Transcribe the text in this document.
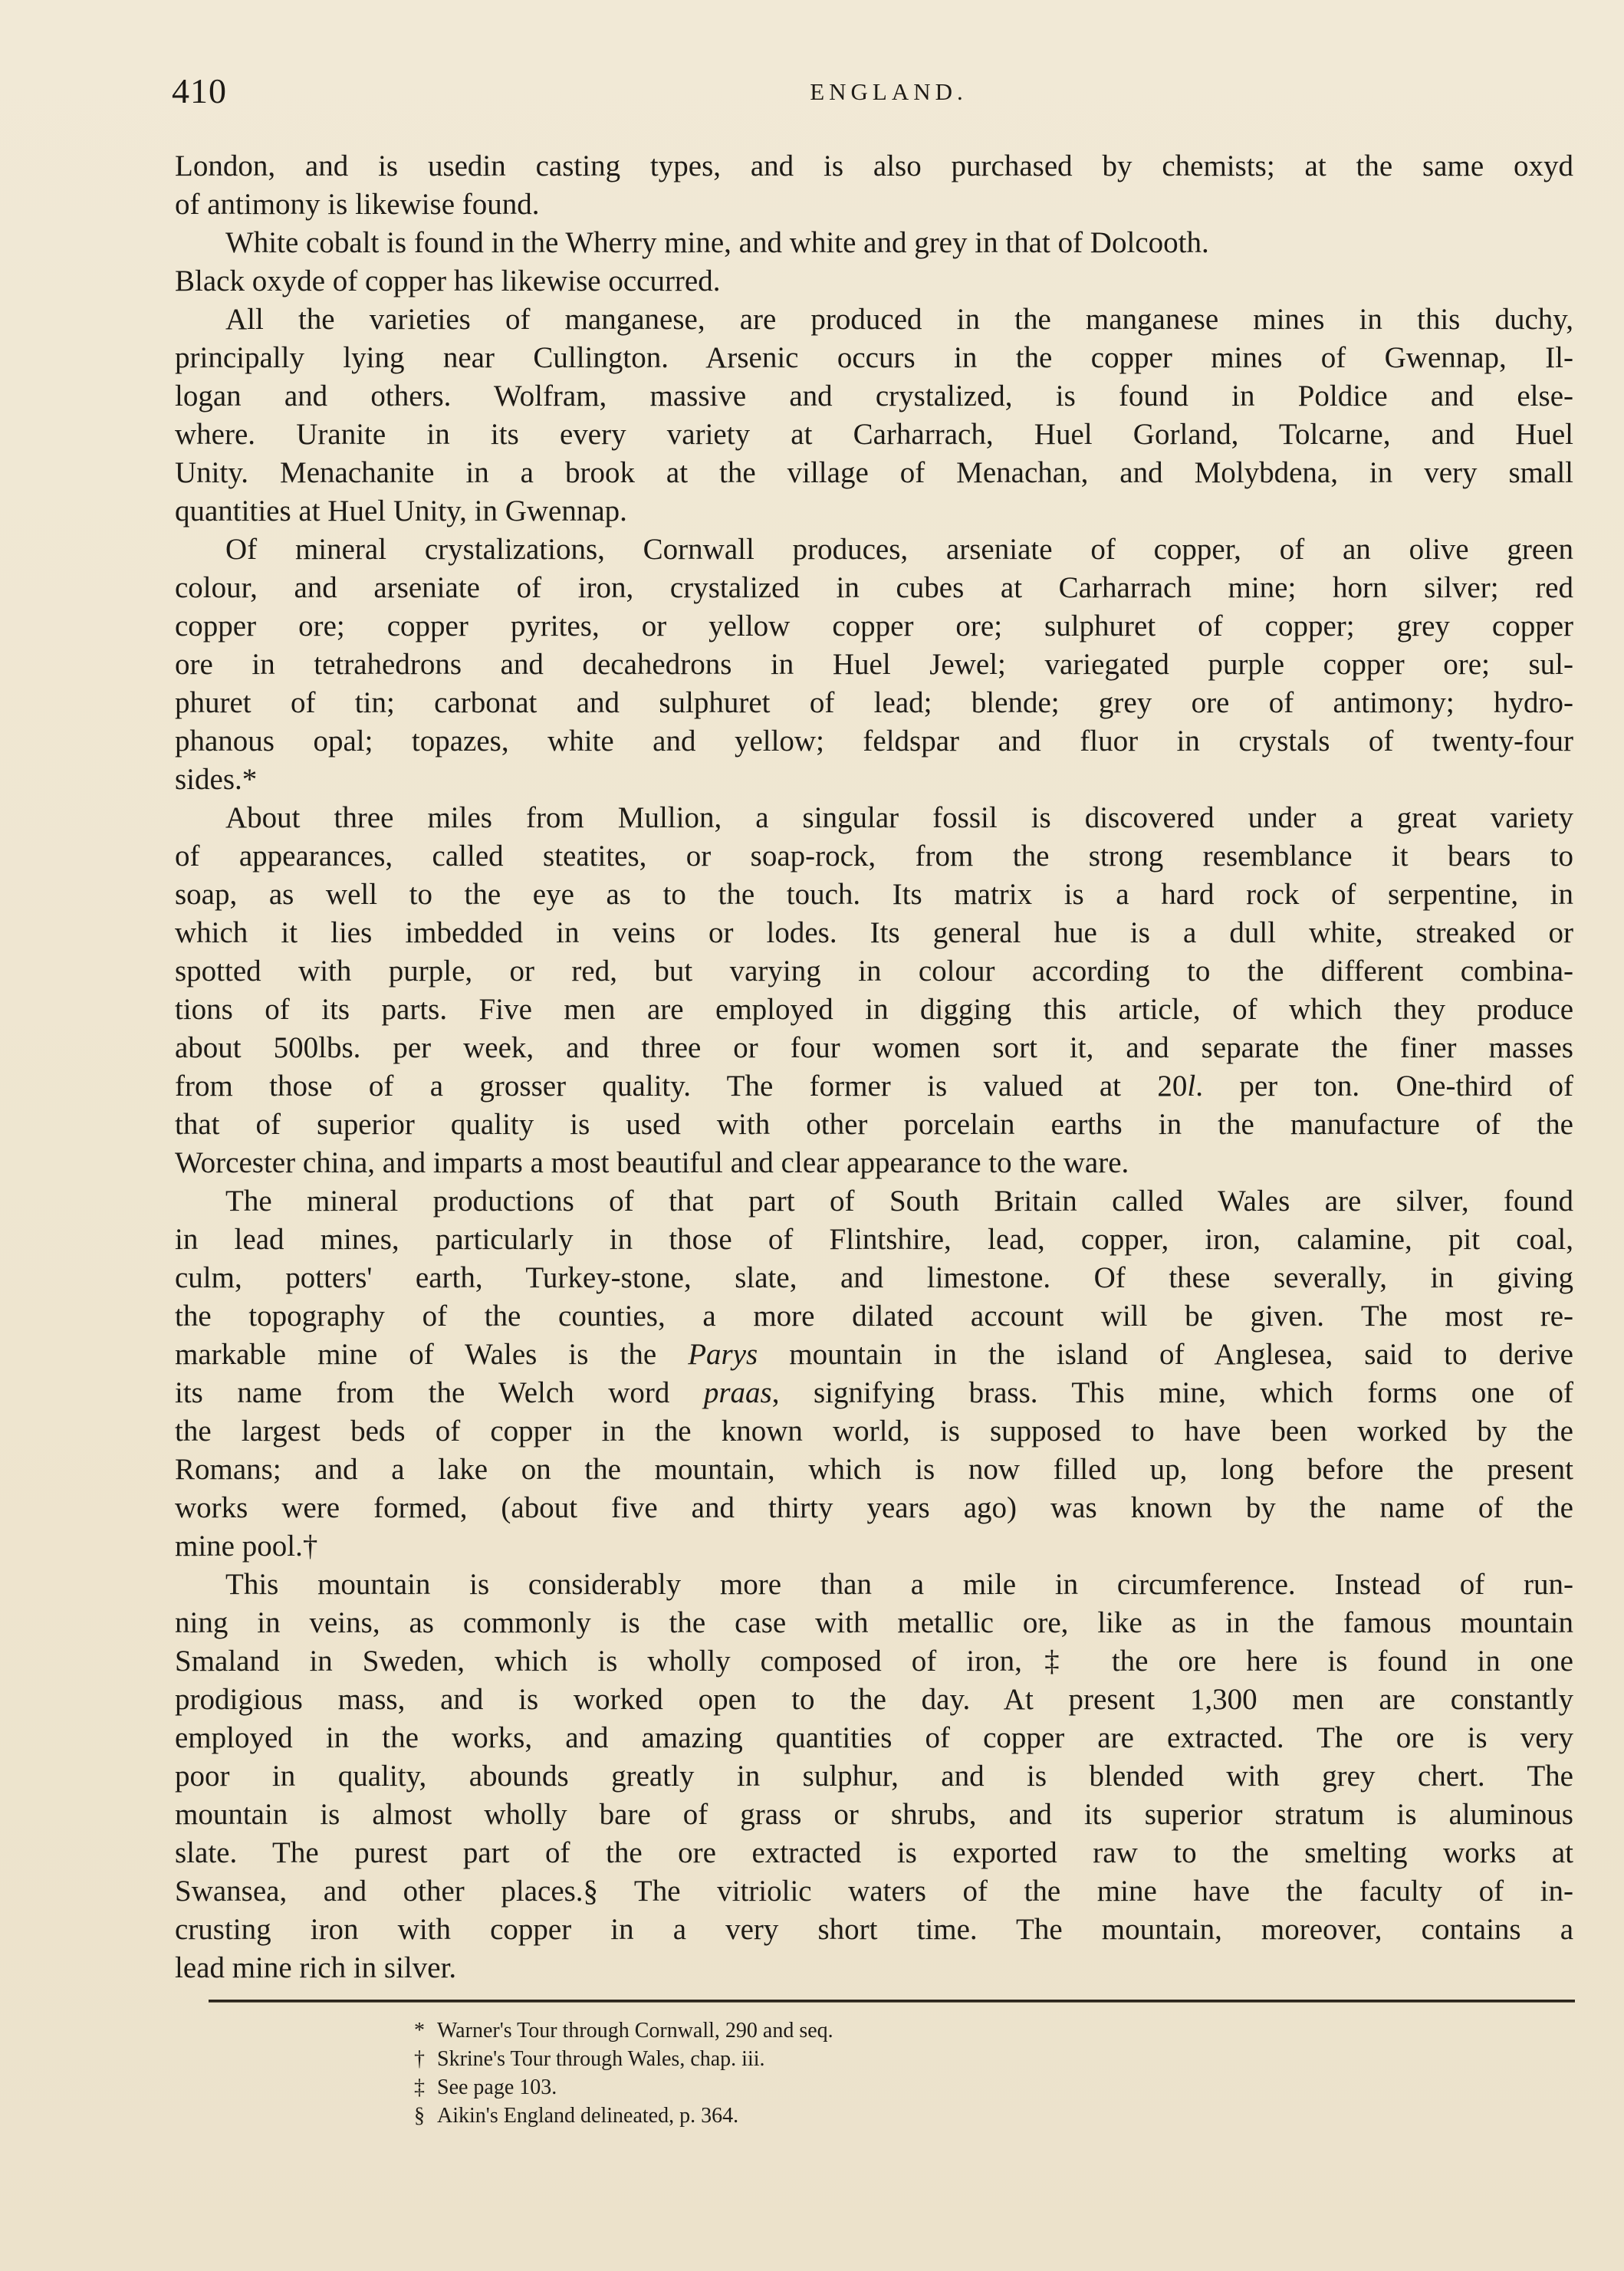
410	ENGLAND.
London, and is usedin casting types, and is also purchased by chemists; at the same oxyd
of antimony is likewise found.
White cobalt is found in the Wherry mine, and white and grey in that of Dolcooth.
Black oxyde of copper has likewise occurred.
All the varieties of manganese, are produced in the manganese mines in this duchy,
principally lying near Cullington. Arsenic occurs in the copper mines of Gwennap, Il-
logan and others. Wolfram, massive and crystalized, is found in Poldice and else-
where. Uranite in its every variety at Carharrach, Huel Gorland, Tolcarne, and Huel
Unity. Menachanite in a brook at the village of Menachan, and Molybdena, in very small
quantities at Huel Unity, in Gwennap.
Of mineral crystalizations, Cornwall produces, arseniate of copper, of an olive green
colour, and arseniate of iron, crystalized in cubes at Carharrach mine; horn silver; red
copper ore; copper pyrites, or yellow copper ore; sulphuret of copper; grey copper
ore in tetrahedrons and decahedrons in Huel Jewel; variegated purple copper ore; sul-
phuret of tin; carbonat and sulphuret of lead; blende; grey ore of antimony; hydro-
phanous opal; topazes, white and yellow; feldspar and fluor in crystals of twenty-four
sides.*
About three miles from Mullion, a singular fossil is discovered under a great variety
of appearances, called steatites, or soap-rock, from the strong resemblance it bears to
soap, as well to the eye as to the touch. Its matrix is a hard rock of serpentine, in
which it lies imbedded in veins or lodes. Its general hue is a dull white, streaked or
spotted with purple, or red, but varying in colour according to the different combina-
tions of its parts. Five men are employed in digging this article, of which they produce
about 500lbs. per week, and three or four women sort it, and separate the finer masses
from those of a grosser quality. The former is valued at 20l. per ton. One-third of
that of superior quality is used with other porcelain earths in the manufacture of the
Worcester china, and imparts a most beautiful and clear appearance to the ware.
The mineral productions of that part of South Britain called Wales are silver, found
in lead mines, particularly in those of Flintshire, lead, copper, iron, calamine, pit coal,
culm, potters' earth, Turkey-stone, slate, and limestone. Of these severally, in giving
the topography of the counties, a more dilated account will be given. The most re-
markable mine of Wales is the Parys mountain in the island of Anglesea, said to derive
its name from the Welch word praas, signifying brass. This mine, which forms one of
the largest beds of copper in the known world, is supposed to have been worked by the
Romans; and a lake on the mountain, which is now filled up, long before the present
works were formed, (about five and thirty years ago) was known by the name of the
mine pool.†
This mountain is considerably more than a mile in circumference. Instead of run-
ning in veins, as commonly is the case with metallic ore, like as in the famous mountain
Smaland in Sweden, which is wholly composed of iron,‡ the ore here is found in one
prodigious mass, and is worked open to the day. At present 1,300 men are constantly
employed in the works, and amazing quantities of copper are extracted. The ore is very
poor in quality, abounds greatly in sulphur, and is blended with grey chert. The
mountain is almost wholly bare of grass or shrubs, and its superior stratum is aluminous
slate. The purest part of the ore extracted is exported raw to the smelting works at
Swansea, and other places.§ The vitriolic waters of the mine have the faculty of in-
crusting iron with copper in a very short time. The mountain, moreover, contains a
lead mine rich in silver.
* Warner's Tour through Cornwall, 290 and seq.
† Skrine's Tour through Wales, chap. iii.
‡ See page 103.
§ Aikin's England delineated, p. 364.
